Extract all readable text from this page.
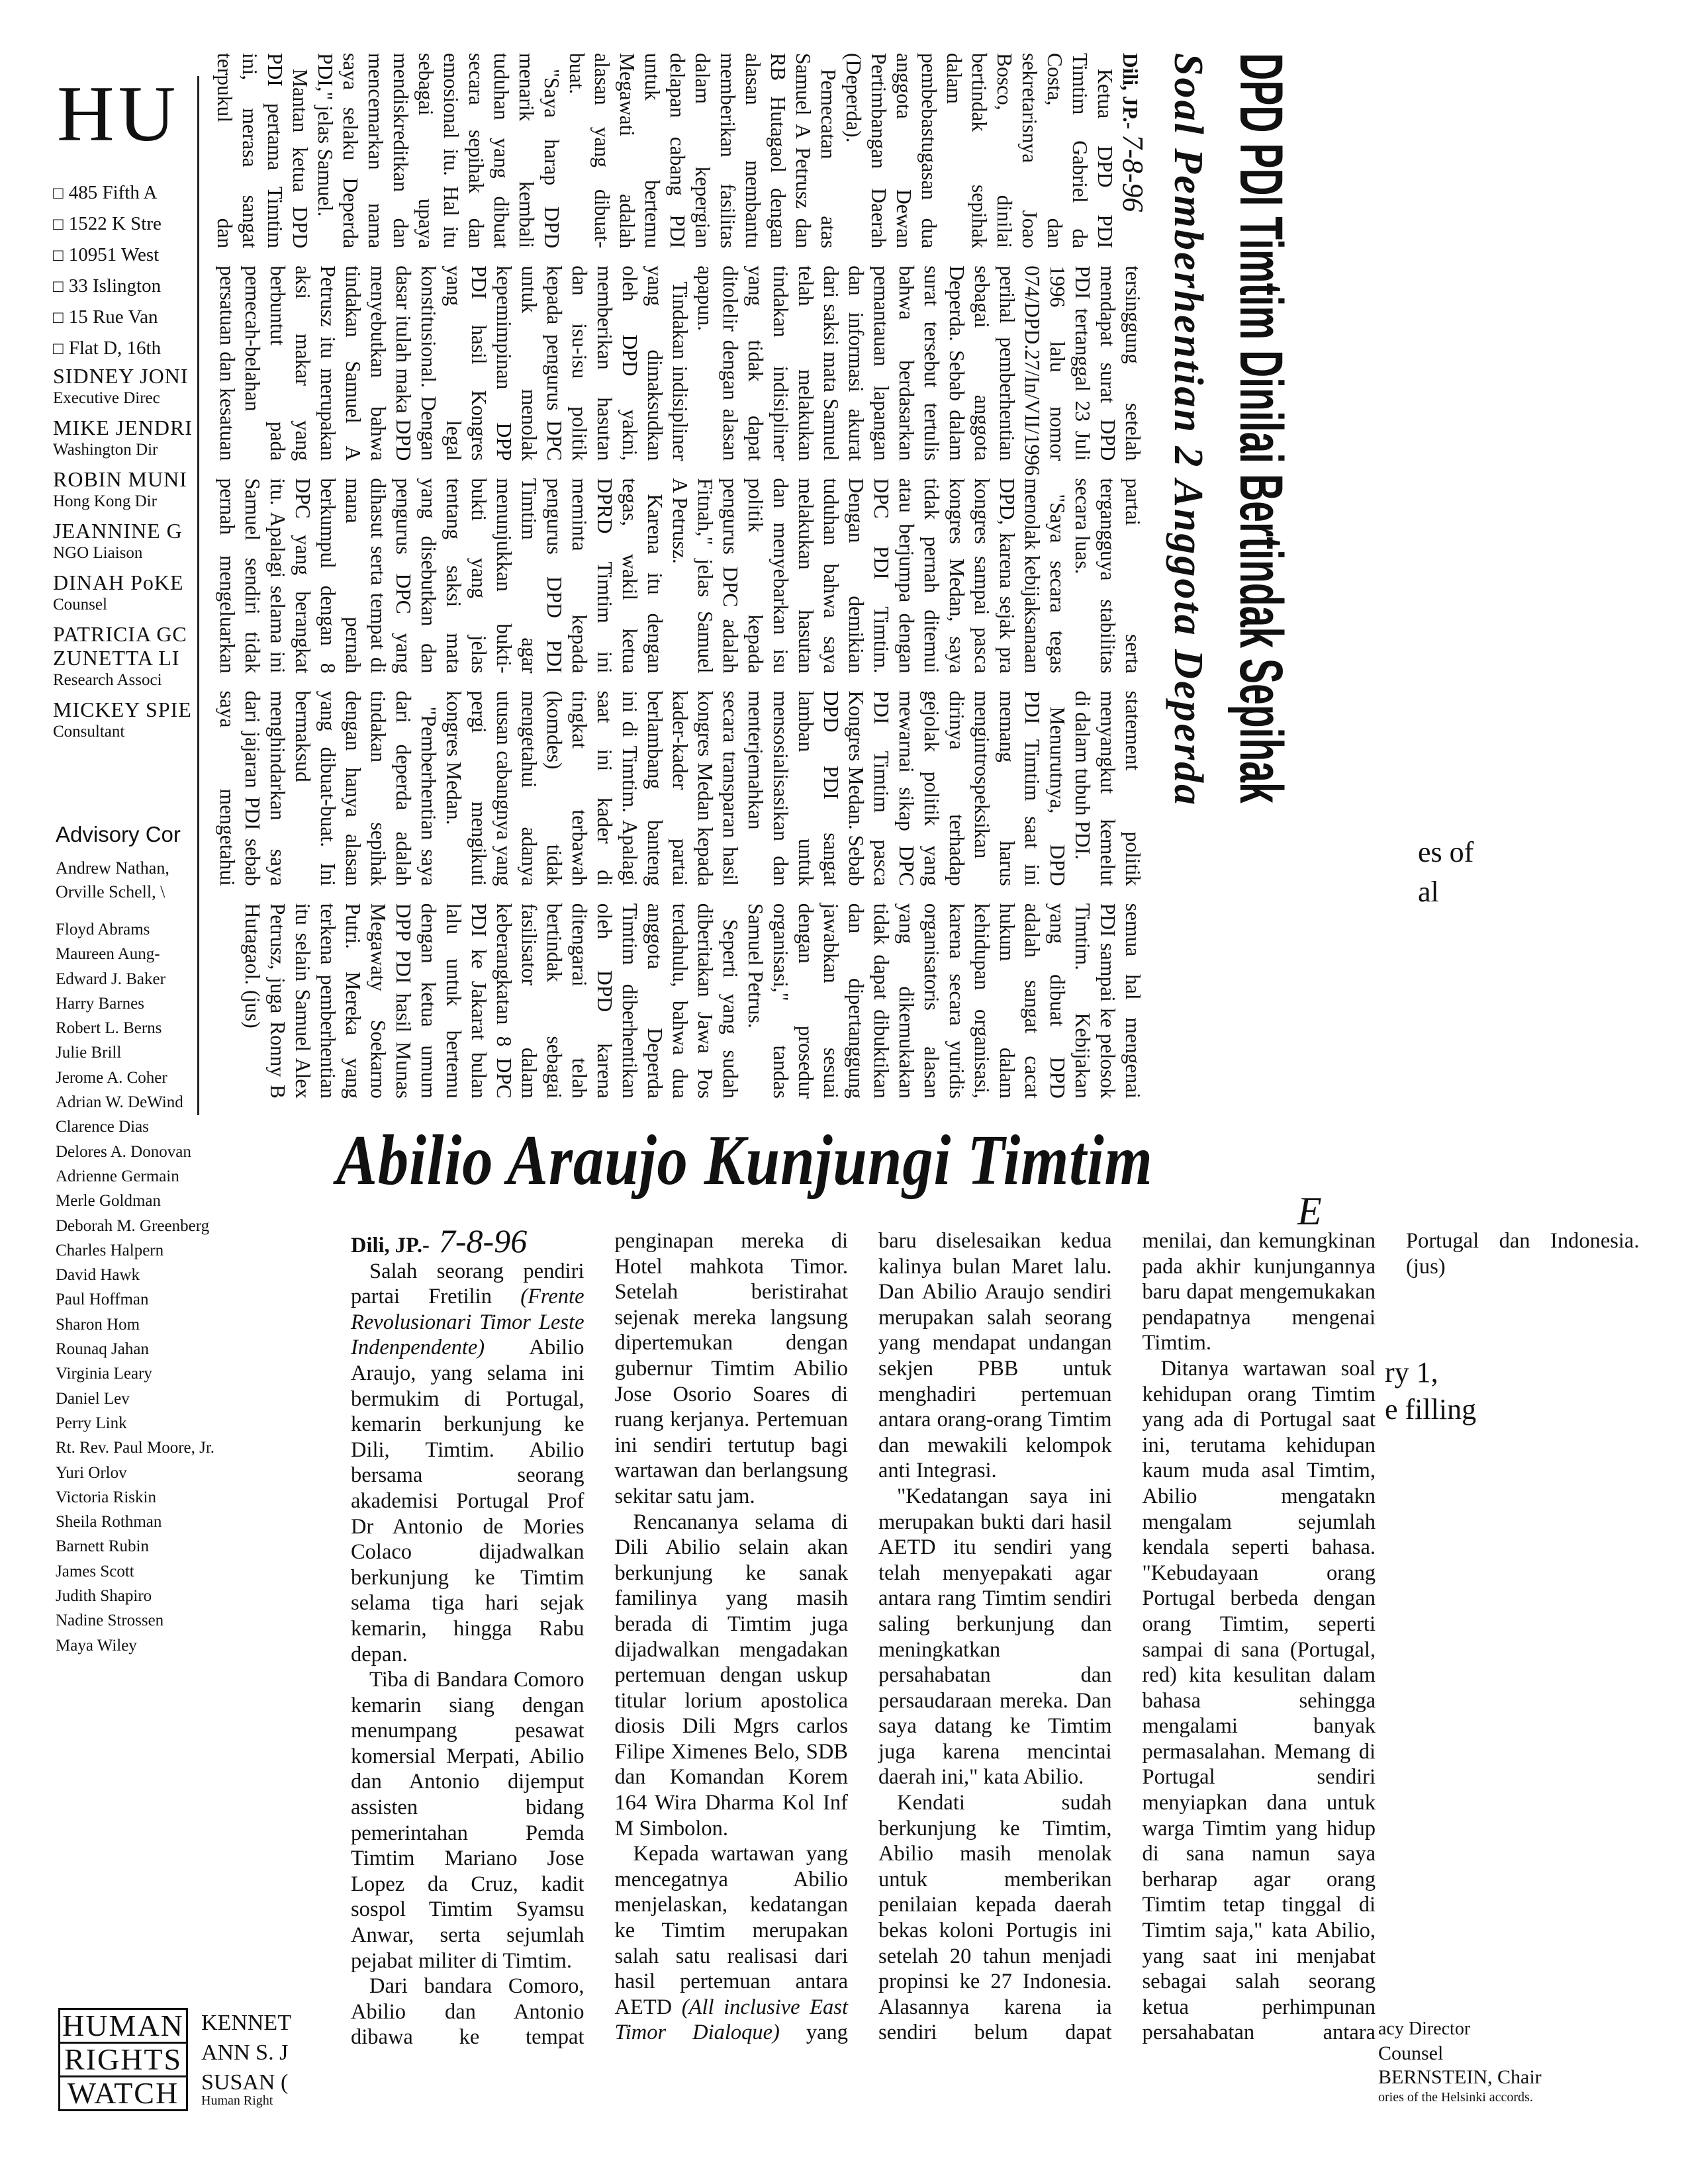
HU
□ 485 Fifth A
□ 1522 K Stre
□ 10951 West
□ 33 Islington
□ 15 Rue Van
□ Flat D, 16th
SIDNEY JONI
Executive Direc
MIKE JENDRI
Washington Dir
ROBIN MUNI
Hong Kong Dir
JEANNINE G
NGO Liaison
DINAH PoKE
Counsel
PATRICIA GC
ZUNETTA LI
Research Associ
MICKEY SPIE
Consultant
Advisory Cor
Andrew Nathan,
Orville Schell, \
Floyd Abrams
Maureen Aung-
Edward J. Baker
Harry Barnes
Robert L. Berns
Julie Brill
Jerome A. Coher
Adrian W. DeWind
Clarence Dias
Delores A. Donovan
Adrienne Germain
Merle Goldman
Deborah M. Greenberg
Charles Halpern
David Hawk
Paul Hoffman
Sharon Hom
Rounaq Jahan
Virginia Leary
Daniel Lev
Perry Link
Rt. Rev. Paul Moore, Jr.
Yuri Orlov
Victoria Riskin
Sheila Rothman
Barnett Rubin
James Scott
Judith Shapiro
Nadine Strossen
Maya Wiley
es of
al
ry 1,
e filling
DPD PDI Timtim Dinilai Bertindak Sepihak
Soal Pemberhentian 2 Anggota Deperda

Dili, JP.- 7-8-96

Ketua DPD PDI Timtim Gabriel da Costa, dan sekretarisnya Joao Bosco, dinilai bertindak sepihak dalam pembebastugasan dua anggota Dewan Pertimbangan Daerah (Deperda).

Pemecatan atas Samuel A Petrusz dan RB Hutagaol dengan alasan membantu memberikan fasilitas dalam kepergian delapan cabang PDI untuk bertemu Megawati adalah alasan yang dibuat-buat.

"Saya harap DPD menarik kembali tuduhan yang dibuat secara sepihak dan emosional itu. Hal itu sebagai upaya mendiskreditkan dan mencemarkan nama saya selaku Deperda PDI," jelas Samuel.

Mantan ketua DPD PDI pertama Timtim ini, merasa sangat terpukul dan tersinggung setelah mendapat surat DPD PDI tertanggal 23 Juli 1996 lalu nomor 074/DPD.27/In/VII/1996 perihal pemberhentian sebagai anggota Deperda. Sebab dalam surat tersebut tertulis bahwa berdasarkan pemantauan lapangan dan informasi akurat dari saksi mata Samuel telah melakukan tindakan indisipliner yang tidak dapat ditolelir dengan alasan apapun.

Tindakan indisipliner yang dimaksudkan oleh DPD yakni, memberikan hasutan dan isu-isu politik kepada pengurus DPC untuk menolak kepemimpinan DPP PDI hasil Kongres yang legal konstitusional. Dengan dasar itulah maka DPD menyebutkan bahwa tindakan Samuel A Petrusz itu merupakan aksi makar yang berbuntut pada pemecah-belahan persatuan dan kesatuan partai serta tergangguya stabilitas secara luas.

"Saya secara tegas menolak kebijaksanaan DPD, karena sejak pra kongres sampai pasca kongres Medan, saya tidak pernah ditemui atau berjumpa dengan DPC PDI Timtim. Dengan demikian tuduhan bahwa saya melakukan hasutan dan menyebarkan isu politik kepada pengurus DPC adalah Fitnah," jelas Samuel A Petrusz.

Karena itu dengan tegas, wakil ketua DPRD Timtim ini meminta kepada pengurus DPD PDI Timtim agar menunjukkan bukti-bukti yang jelas tentang saksi mata yang disebutkan dan pengurus DPC yang dihasut serta tempat di mana pernah berkumpul dengan 8 DPC yang berangkat itu. Apalagi selama ini Samuel sendiri tidak pernah mengeluarkan statement politik menyangkut kemelut di dalam tubuh PDI.

Menurutnya, DPD PDI Timtim saat ini memang harus mengintrospeksikan dirinya terhadap gejolak politik yang mewarnai sikap DPC PDI Timtim pasca Kongres Medan. Sebab DPD PDI sangat lamban untuk mensosialisasikan dan menterjemahkan secara transparan hasil kongres Medan kepada kader-kader partai berlambang banteng ini di Timtim. Apalagi saat ini kader di tingkat terbawah (komdes) tidak mengetahui adanya utusan cabangnya yang pergi mengikuti kongres Medan.

"Pemberhentian saya dari deperda adalah tindakan sepihak dengan hanya alasan yang dibuat-buat. Ini bermaksud menghindarkan saya dari jajaran PDI sebab saya mengetahui semua hal mengenai PDI sampai ke pelosok Timtim. Kebijakan yang dibuat DPD adalah sangat cacat hukum dalam kehidupan organisasi, karena secara yuridis organisatoris alasan yang dikemukakan tidak dapat dibuktikan dan dipertanggung jawabkan sesuai dengan prosedur organisasi," tandas Samuel Petrus.

Seperti yang sudah diberitakan Jawa Pos terdahulu, bahwa dua anggota Deperda Timtim diberhentikan oleh DPD karena ditengarai telah bertindak sebagai fasilisator dalam keberangkatan 8 DPC PDI ke Jakarat bulan lalu untuk bertemu dengan ketua umum DPP PDI hasil Munas Megawaty Soekarno Putri. Mereka yang terkena pemberhentian itu selain Samuel Alex Petrusz, juga Ronny B Hutagaol. (jus)

Abilio Araujo Kunjungi Timtim
E

Dili, JP.- 7-8-96

Salah seorang pendiri partai Fretilin (Frente Revolusionari Timor Leste Indenpendente) Abilio Araujo, yang selama ini bermukim di Portugal, kemarin berkunjung ke Dili, Timtim. Abilio bersama seorang akademisi Portugal Prof Dr Antonio de Mories Colaco dijadwalkan berkunjung ke Timtim selama tiga hari sejak kemarin, hingga Rabu depan.

Tiba di Bandara Comoro kemarin siang dengan menumpang pesawat komersial Merpati, Abilio dan Antonio dijemput assisten bidang pemerintahan Pemda Timtim Mariano Jose Lopez da Cruz, kadit sospol Timtim Syamsu Anwar, serta sejumlah pejabat militer di Timtim.

Dari bandara Comoro, Abilio dan Antonio dibawa ke tempat penginapan mereka di Hotel mahkota Timor. Setelah beristirahat sejenak mereka langsung dipertemukan dengan gubernur Timtim Abilio Jose Osorio Soares di ruang kerjanya. Pertemuan ini sendiri tertutup bagi wartawan dan berlangsung sekitar satu jam.

Rencananya selama di Dili Abilio selain akan berkunjung ke sanak familinya yang masih berada di Timtim juga dijadwalkan mengadakan pertemuan dengan uskup titular lorium apostolica diosis Dili Mgrs carlos Filipe Ximenes Belo, SDB dan Komandan Korem 164 Wira Dharma Kol Inf M Simbolon.

Kepada wartawan yang mencegatnya Abilio menjelaskan, kedatangan ke Timtim merupakan salah satu realisasi dari hasil pertemuan antara AETD (All inclusive East Timor Dialoque) yang baru diselesaikan kedua kalinya bulan Maret lalu. Dan Abilio Araujo sendiri merupakan salah seorang yang mendapat undangan sekjen PBB untuk menghadiri pertemuan antara orang-orang Timtim dan mewakili kelompok anti Integrasi.

"Kedatangan saya ini merupakan bukti dari hasil AETD itu sendiri yang telah menyepakati agar antara rang Timtim sendiri saling berkunjung dan meningkatkan persahabatan dan persaudaraan mereka. Dan saya datang ke Timtim juga karena mencintai daerah ini," kata Abilio.

Kendati sudah berkunjung ke Timtim, Abilio masih menolak untuk memberikan penilaian kepada daerah bekas koloni Portugis ini setelah 20 tahun menjadi propinsi ke 27 Indonesia. Alasannya karena ia sendiri belum dapat menilai, dan kemungkinan pada akhir kunjungannya baru dapat mengemukakan pendapatnya mengenai Timtim.

Ditanya wartawan soal kehidupan orang Timtim yang ada di Portugal saat ini, terutama kehidupan kaum muda asal Timtim, Abilio mengatakn mengalam sejumlah kendala seperti bahasa. "Kebudayaan orang Portugal berbeda dengan orang Timtim, seperti sampai di sana (Portugal, red) kita kesulitan dalam bahasa sehingga mengalami banyak permasalahan. Memang di Portugal sendiri menyiapkan dana untuk warga Timtim yang hidup di sana namun saya berharap agar orang Timtim tetap tinggal di Timtim saja," kata Abilio, yang saat ini menjabat sebagai salah seorang ketua perhimpunan persahabatan antara Portugal dan Indonesia. (jus)

HUMAN
RIGHTS
WATCH
KENNET
ANN S. J
SUSAN (
Human Right
acy Director
Counsel
BERNSTEIN, Chair
ories of the Helsinki accords.
